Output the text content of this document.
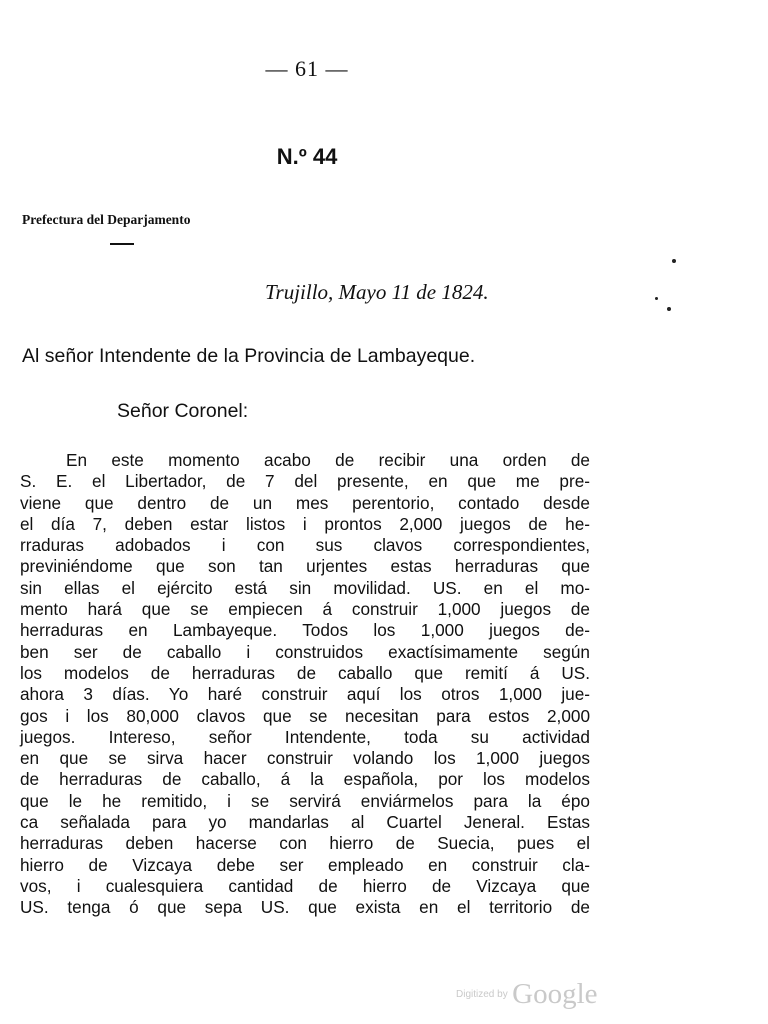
— 61 —
N.º 44
Prefectura del Deparjamento
Trujillo, Mayo 11 de 1824.
Al señor Intendente de la Provincia de Lambayeque.
Señor Coronel:
En este momento acabo de recibir una orden de
S. E. el Libertador, de 7 del presente, en que me pre-
viene que dentro de un mes perentorio, contado desde
el día 7, deben estar listos i prontos 2,000 juegos de he-
rraduras adobados i con sus clavos correspondientes,
previniéndome que son tan urjentes estas herraduras que
sin ellas el ejército está sin movilidad. US. en el mo-
mento hará que se empiecen á construir 1,000 juegos de
herraduras en Lambayeque. Todos los 1,000 juegos de-
ben ser de caballo i construidos exactísimamente según
los modelos de herraduras de caballo que remití á US.
ahora 3 días. Yo haré construir aquí los otros 1,000 jue-
gos i los 80,000 clavos que se necesitan para estos 2,000
juegos. Intereso, señor Intendente, toda su actividad
en que se sirva hacer construir volando los 1,000 juegos
de herraduras de caballo, á la española, por los modelos
que le he remitido, i se servirá enviármelos para la épo
ca señalada para yo mandarlas al Cuartel Jeneral. Estas
herraduras deben hacerse con hierro de Suecia, pues el
hierro de Vizcaya debe ser empleado en construir cla-
vos, i cualesquiera cantidad de hierro de Vizcaya que
US. tenga ó que sepa US. que exista en el territorio de
Digitized by Google
